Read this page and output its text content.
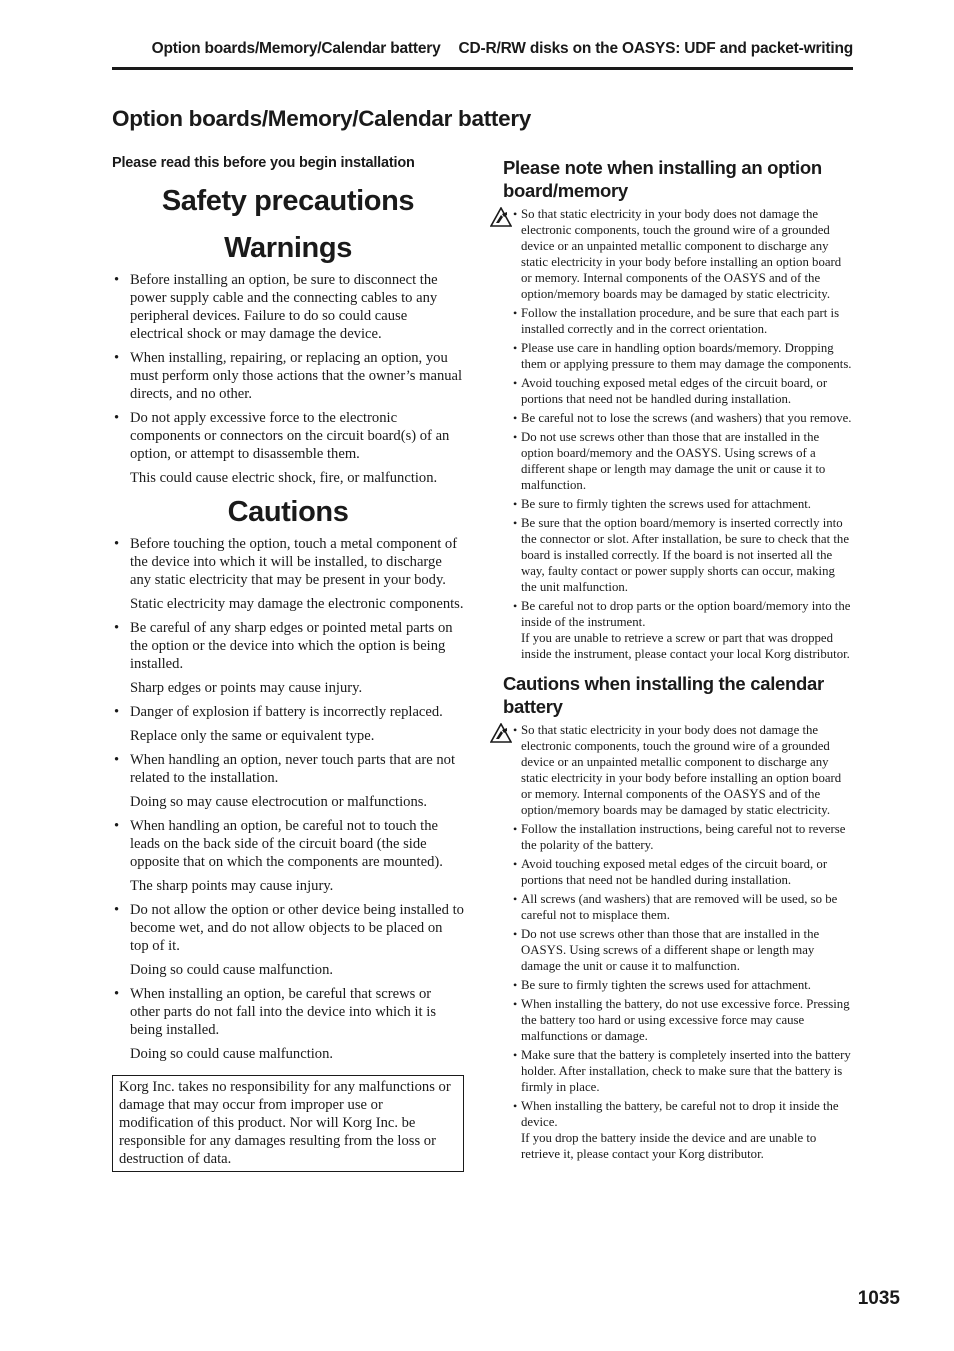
Option boards/Memory/Calendar battery CD-R/RW disks on the OASYS: UDF and packet-writing
Option boards/Memory/Calendar battery
Please read this before you begin installation
Safety precautions
Warnings
• Before installing an option, be sure to disconnect the power supply cable and the connecting cables to any peripheral devices. Failure to do so could cause electrical shock or may damage the device.
• When installing, repairing, or replacing an option, you must perform only those actions that the owner’s manual directs, and no other.
• Do not apply excessive force to the electronic components or connectors on the circuit board(s) of an option, or attempt to disassemble them.
This could cause electric shock, fire, or malfunction.
Cautions
• Before touching the option, touch a metal component of the device into which it will be installed, to discharge any static electricity that may be present in your body.
Static electricity may damage the electronic components.
• Be careful of any sharp edges or pointed metal parts on the option or the device into which the option is being installed.
Sharp edges or points may cause injury.
• Danger of explosion if battery is incorrectly replaced.
Replace only the same or equivalent type.
• When handling an option, never touch parts that are not related to the installation.
Doing so may cause electrocution or malfunctions.
• When handling an option, be careful not to touch the leads on the back side of the circuit board (the side opposite that on which the components are mounted).
The sharp points may cause injury.
• Do not allow the option or other device being installed to become wet, and do not allow objects to be placed on top of it.
Doing so could cause malfunction.
• When installing an option, be careful that screws or other parts do not fall into the device into which it is being installed.
Doing so could cause malfunction.
Korg Inc. takes no responsibility for any malfunctions or damage that may occur from improper use or modification of this product. Nor will Korg Inc. be responsible for any damages resulting from the loss or destruction of data.
Please note when installing an option board/memory
• So that static electricity in your body does not damage the electronic components, touch the ground wire of a grounded device or an unpainted metallic component to discharge any static electricity in your body before installing an option board or memory. Internal components of the OASYS and of the option/memory boards may be damaged by static electricity.
• Follow the installation procedure, and be sure that each part is installed correctly and in the correct orientation.
• Please use care in handling option boards/memory. Dropping them or applying pressure to them may damage the components.
• Avoid touching exposed metal edges of the circuit board, or portions that need not be handled during installation.
• Be careful not to lose the screws (and washers) that you remove.
• Do not use screws other than those that are installed in the option board/memory and the OASYS. Using screws of a different shape or length may damage the unit or cause it to malfunction.
• Be sure to firmly tighten the screws used for attachment.
• Be sure that the option board/memory is inserted correctly into the connector or slot. After installation, be sure to check that the board is installed correctly. If the board is not inserted all the way, faulty contact or power supply shorts can occur, making the unit malfunction.
• Be careful not to drop parts or the option board/memory into the inside of the instrument.
If you are unable to retrieve a screw or part that was dropped inside the instrument, please contact your local Korg distributor.
Cautions when installing the calendar battery
• So that static electricity in your body does not damage the electronic components, touch the ground wire of a grounded device or an unpainted metallic component to discharge any static electricity in your body before installing an option board or memory. Internal components of the OASYS and of the option/memory boards may be damaged by static electricity.
• Follow the installation instructions, being careful not to reverse the polarity of the battery.
• Avoid touching exposed metal edges of the circuit board, or portions that need not be handled during installation.
• All screws (and washers) that are removed will be used, so be careful not to misplace them.
• Do not use screws other than those that are installed in the OASYS. Using screws of a different shape or length may damage the unit or cause it to malfunction.
• Be sure to firmly tighten the screws used for attachment.
• When installing the battery, do not use excessive force. Pressing the battery too hard or using excessive force may cause malfunctions or damage.
• Make sure that the battery is completely inserted into the battery holder. After installation, check to make sure that the battery is firmly in place.
• When installing the battery, be careful not to drop it inside the device.
If you drop the battery inside the device and are unable to retrieve it, please contact your Korg distributor.
1035
